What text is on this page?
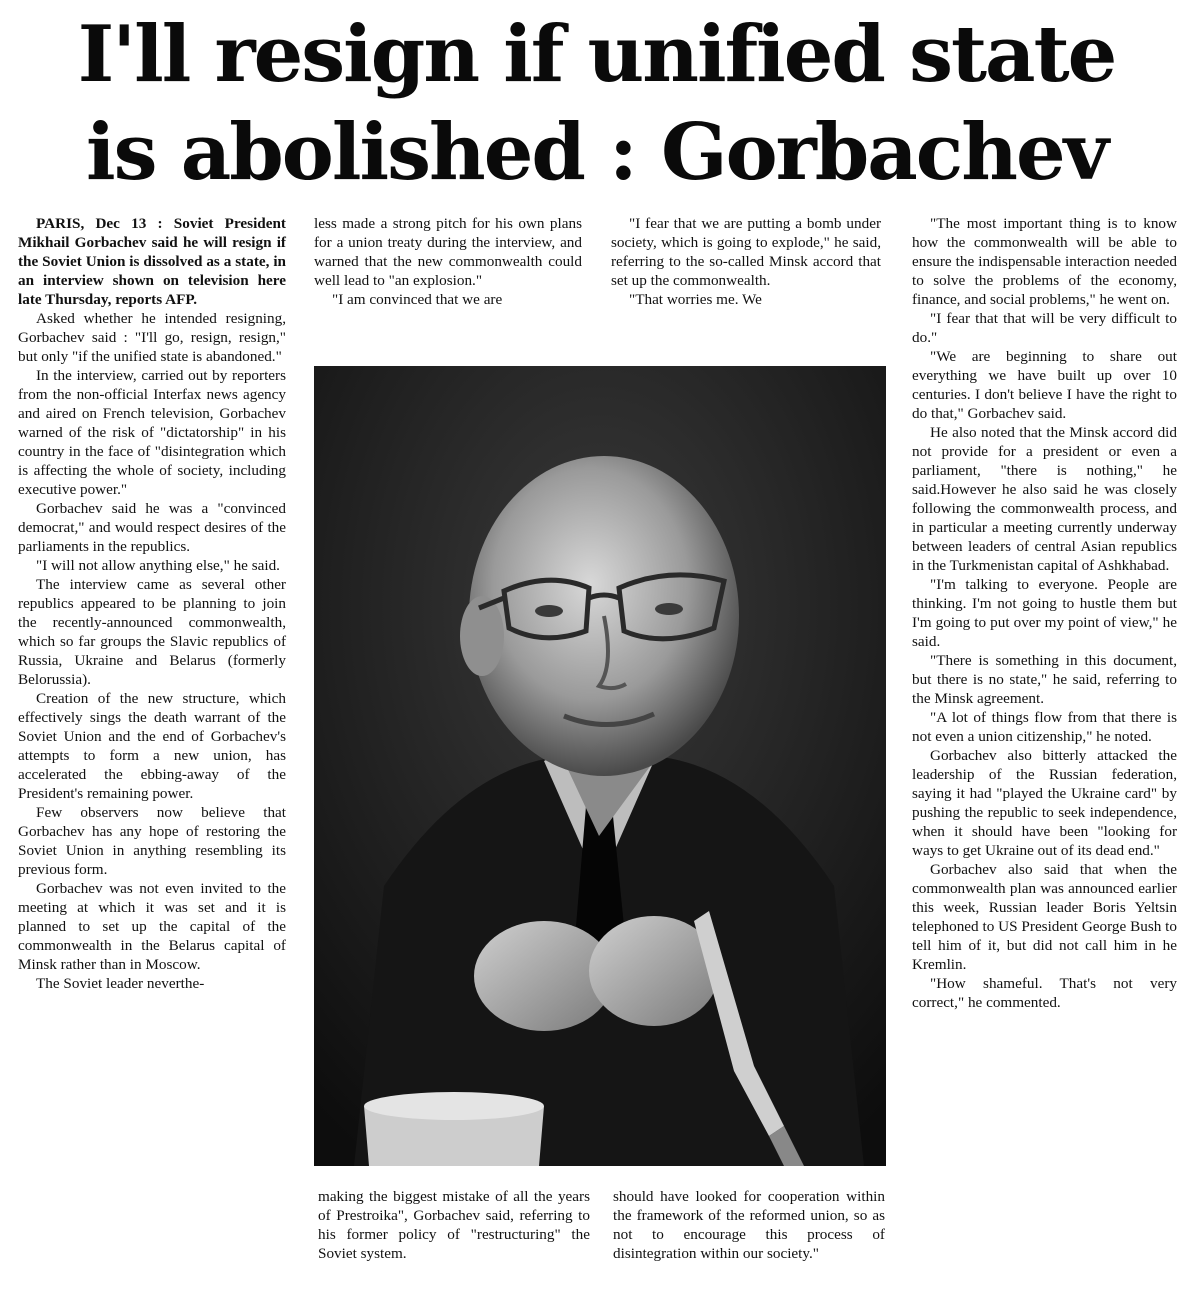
I'll resign if unified state
is abolished : Gorbachev

PARIS, Dec 13 : Soviet President Mikhail Gorbachev said he will resign if the Soviet Union is dissolved as a state, in an interview shown on television here late Thursday, reports AFP.

Asked whether he intended resigning, Gorbachev said : "I'll go, resign, resign," but only "if the unified state is abandoned."

In the interview, carried out by reporters from the non-official Interfax news agency and aired on French television, Gorbachev warned of the risk of "dictatorship" in his country in the face of "disintegration which is affecting the whole of society, including executive power."

Gorbachev said he was a "convinced democrat," and would respect desires of the parliaments in the republics.

"I will not allow anything else," he said.

The interview came as several other republics appeared to be planning to join the recently-announced commonwealth, which so far groups the Slavic republics of Russia, Ukraine and Belarus (formerly Belorussia).

Creation of the new structure, which effectively sings the death warrant of the Soviet Union and the end of Gorbachev's attempts to form a new union, has accelerated the ebbing-away of the President's remaining power.

Few observers now believe that Gorbachev has any hope of restoring the Soviet Union in anything resembling its previous form.

Gorbachev was not even invited to the meeting at which it was set and it is planned to set up the capital of the commonwealth in the Belarus capital of Minsk rather than in Moscow.

The Soviet leader neverthe-

less made a strong pitch for his own plans for a union treaty during the interview, and warned that the new commonwealth could well lead to "an explosion."

"I am convinced that we are

"I fear that we are putting a bomb under society, which is going to explode," he said, referring to the so-called Minsk accord that set up the commonwealth.

"That worries me. We

making the biggest mistake of all the years of Prestroika", Gorbachev said, referring to his former policy of "restructuring" the Soviet system.

should have looked for cooperation within the framework of the reformed union, so as not to encourage this process of disintegration within our society."

"The most important thing is to know how the commonwealth will be able to ensure the indispensable interaction needed to solve the problems of the economy, finance, and social problems," he went on.

"I fear that that will be very difficult to do."

"We are beginning to share out everything we have built up over 10 centuries. I don't believe I have the right to do that," Gorbachev said.

He also noted that the Minsk accord did not provide for a president or even a parliament, "there is nothing," he said.However he also said he was closely following the commonwealth process, and in particular a meeting currently underway between leaders of central Asian republics in the Turkmenistan capital of Ashkhabad.

"I'm talking to everyone. People are thinking. I'm not going to hustle them but I'm going to put over my point of view," he said.

"There is something in this document, but there is no state," he said, referring to the Minsk agreement.

"A lot of things flow from that there is not even a union citizenship," he noted.

Gorbachev also bitterly attacked the leadership of the Russian federation, saying it had "played the Ukraine card" by pushing the republic to seek independence, when it should have been "looking for ways to get Ukraine out of its dead end."

Gorbachev also said that when the commonwealth plan was announced earlier this week, Russian leader Boris Yeltsin telephoned to US President George Bush to tell him of it, but did not call him in he Kremlin.

"How shameful. That's not very correct," he commented.
